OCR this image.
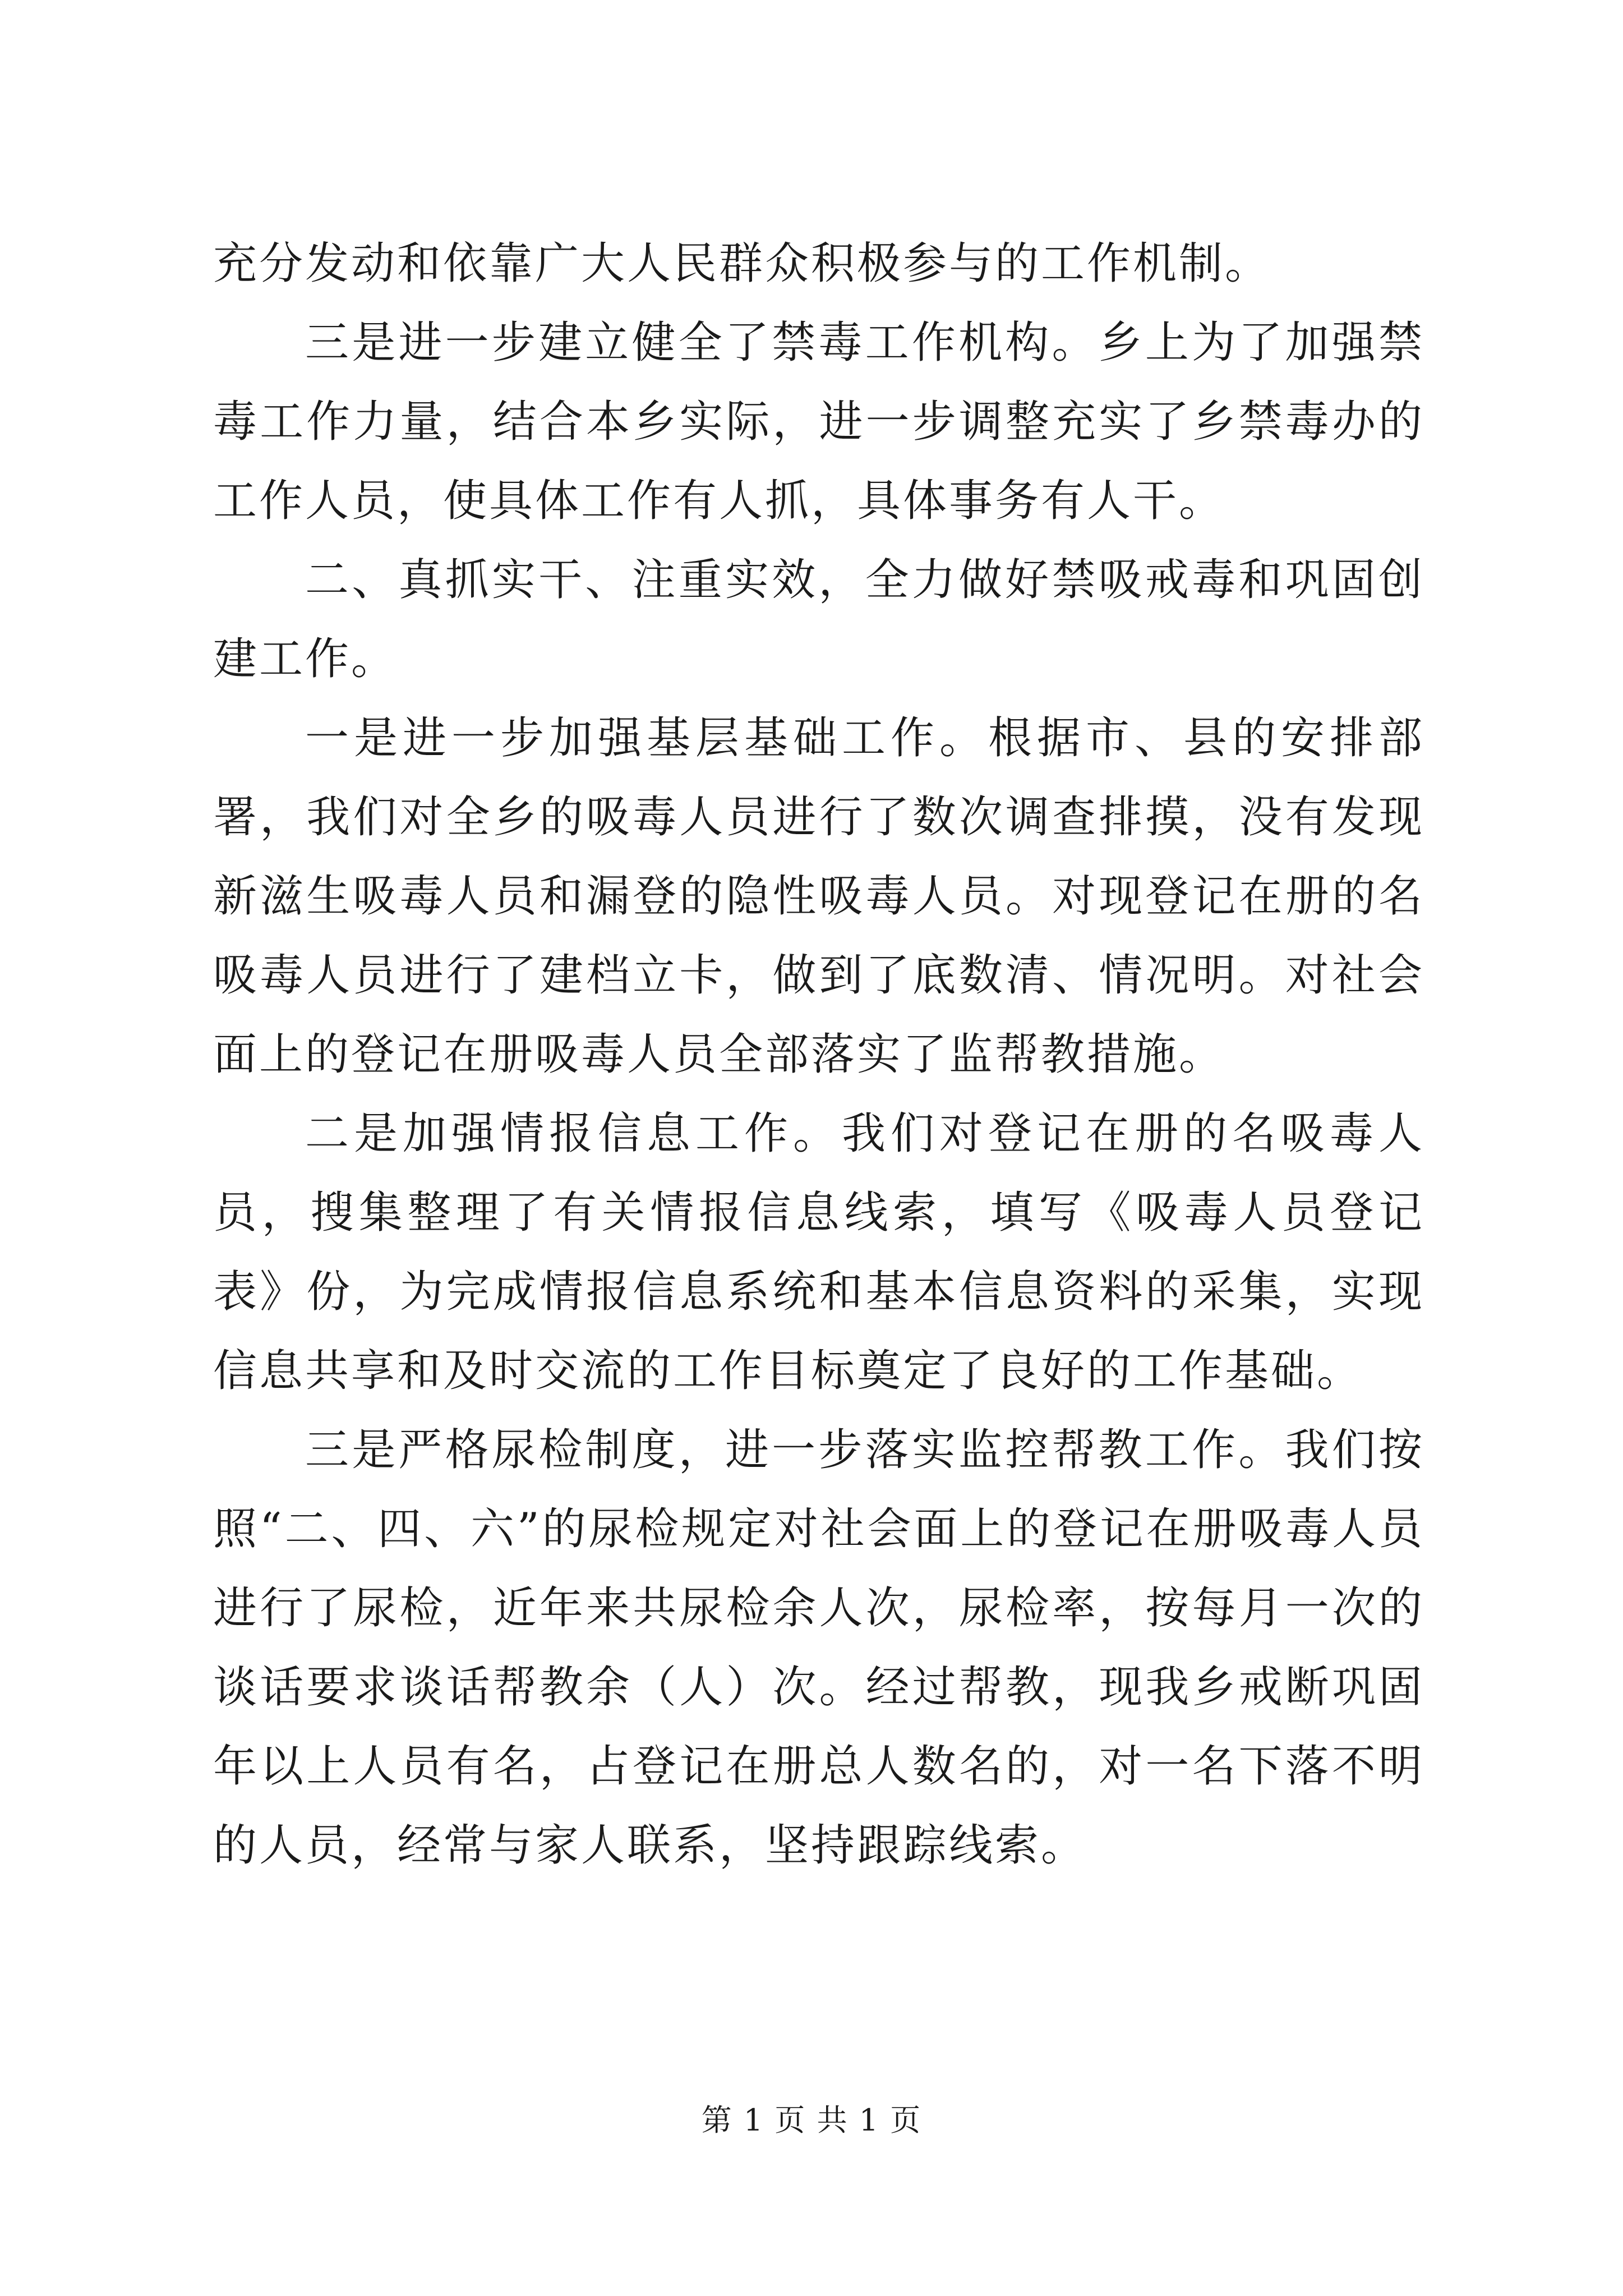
充分发动和依靠广大人民群众积极参与的工作机制。

三是进一步建立健全了禁毒工作机构。乡上为了加强禁毒工作力量，结合本乡实际，进一步调整充实了乡禁毒办的工作人员，使具体工作有人抓，具体事务有人干。

二、真抓实干、注重实效，全力做好禁吸戒毒和巩固创建工作。

一是进一步加强基层基础工作。根据市、县的安排部署，我们对全乡的吸毒人员进行了数次调查排摸，没有发现新滋生吸毒人员和漏登的隐性吸毒人员。对现登记在册的名吸毒人员进行了建档立卡，做到了底数清、情况明。对社会面上的登记在册吸毒人员全部落实了监帮教措施。

二是加强情报信息工作。我们对登记在册的名吸毒人员，搜集整理了有关情报信息线索，填写《吸毒人员登记表》份，为完成情报信息系统和基本信息资料的采集，实现信息共享和及时交流的工作目标奠定了良好的工作基础。

三是严格尿检制度，进一步落实监控帮教工作。我们按照“二、四、六”的尿检规定对社会面上的登记在册吸毒人员进行了尿检，近年来共尿检余人次，尿检率，按每月一次的谈话要求谈话帮教余（人）次。经过帮教，现我乡戒断巩固年以上人员有名，占登记在册总人数名的，对一名下落不明的人员，经常与家人联系，坚持跟踪线索。

第 1 页 共 1 页
